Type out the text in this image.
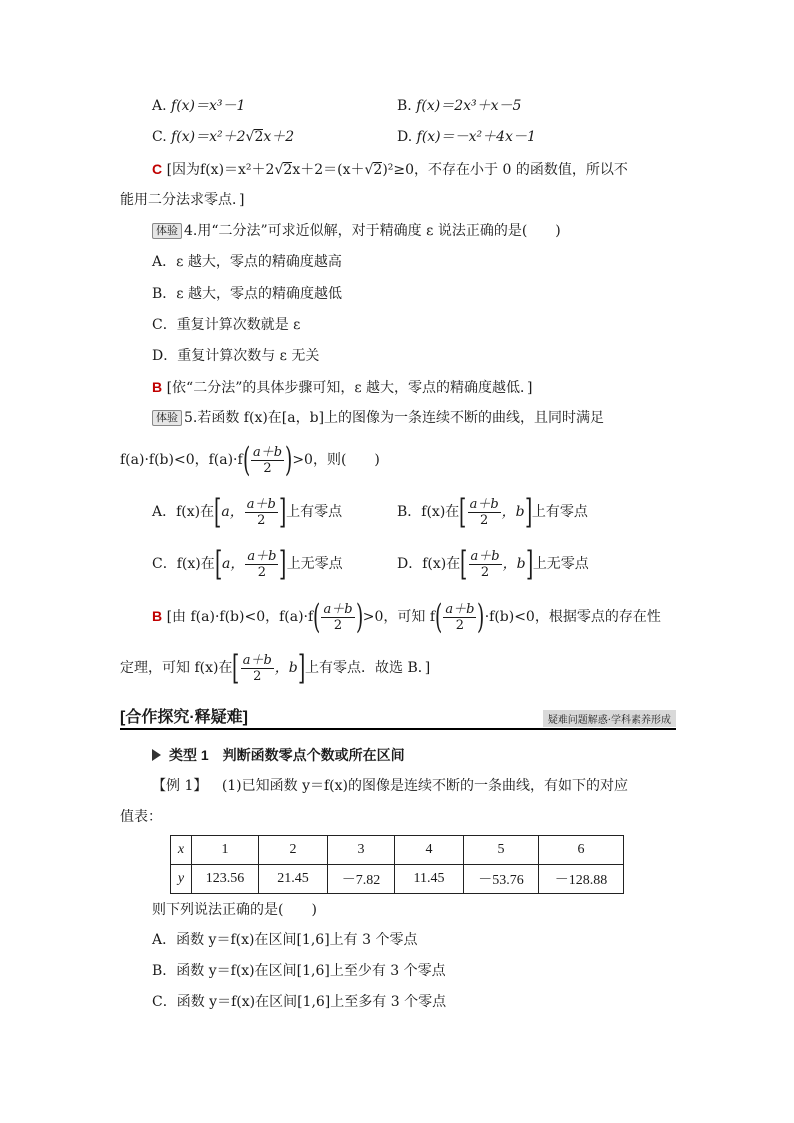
A. f(x)＝x³－1	B. f(x)＝2x³＋x－5
C. f(x)＝x²＋2√2x＋2	D. f(x)＝－x²＋4x－1
C [因为f(x)＝x²＋2√2x＋2＝(x＋√2)²≥0，不存在小于 0 的函数值，所以不
能用二分法求零点．]
体验 4.用“二分法”可求近似解，对于精确度 ε 说法正确的是(　　)
A．ε 越大，零点的精确度越高
B．ε 越大，零点的精确度越低
C．重复计算次数就是 ε
D．重复计算次数与 ε 无关
B [依“二分法”的具体步骤可知，ε 越大，零点的精确度越低．]
体验 5.若函数 f(x)在[a，b]上的图像为一条连续不断的曲线，且同时满足
f(a)·f(b)<0，$f(a)\cdot f( \frac{a+b}{2} )>0$，则(　　)
A．f(x)在[a， $\frac{a+b}{2}$ ]上有零点	B．f(x)在[ $\frac{a+b}{2}$ ，b]上有零点
C．f(x)在[a， $\frac{a+b}{2}$ ]上无零点	D．f(x)在[ $\frac{a+b}{2}$ ，b]上无零点
B [由 f(a)·f(b)<0，$f(a)\cdot f( \frac{a+b}{2} )>0$，可知 $f( \frac{a+b}{2} )\cdot f(b)<0$，根据零点的存在性
定理，可知 f(x)在[ $\frac{a+b}{2}$ ，b]上有零点．故选 B．]
[合作探究·释疑难]	疑难问题解惑·学科素养形成
类型 1　判断函数零点个数或所在区间
【例 1】 (1)已知函数 y＝f(x)的图像是连续不断的一条曲线，有如下的对应
值表：
x	1	2	3	4	5	6
y	123.56	21.45	－7.82	11.45	－53.76	－128.88
则下列说法正确的是(　　)
A．函数 y＝f(x)在区间[1,6]上有 3 个零点
B．函数 y＝f(x)在区间[1,6]上至少有 3 个零点
C．函数 y＝f(x)在区间[1,6]上至多有 3 个零点
